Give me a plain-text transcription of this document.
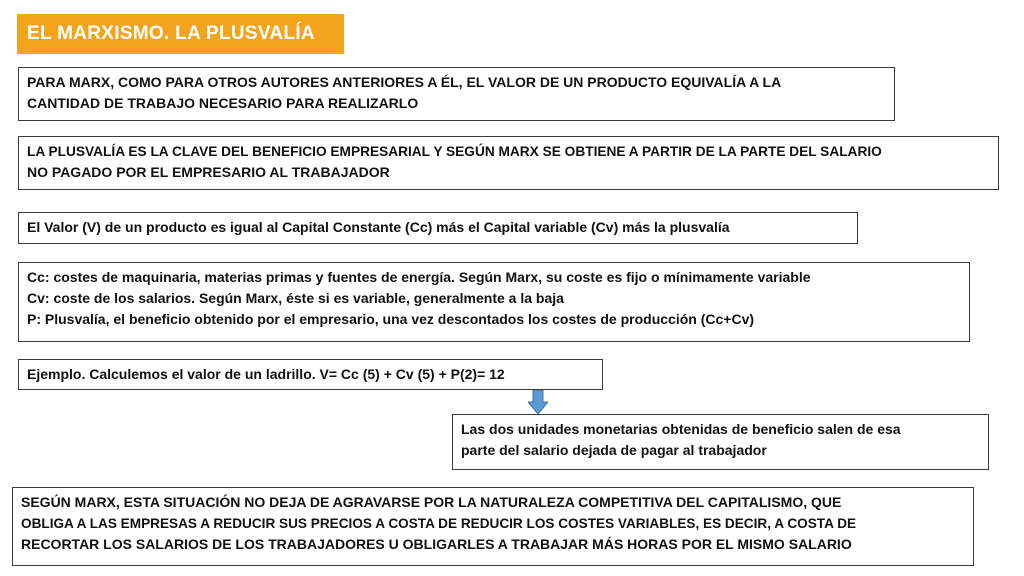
EL MARXISMO. LA PLUSVALÍA
PARA MARX, COMO PARA OTROS AUTORES ANTERIORES A ÉL, EL VALOR DE UN PRODUCTO EQUIVALÍA A LA
CANTIDAD DE TRABAJO NECESARIO PARA REALIZARLO
LA PLUSVALÍA ES LA CLAVE DEL BENEFICIO EMPRESARIAL Y SEGÚN MARX SE OBTIENE A PARTIR DE LA PARTE DEL SALARIO
NO PAGADO POR EL EMPRESARIO AL TRABAJADOR
El Valor (V) de un producto es igual al Capital Constante (Cc) más el Capital variable (Cv) más la plusvalía
Cc: costes de maquinaria, materias primas y fuentes de energía. Según Marx, su coste es fijo o mínimamente variable
Cv: coste de los salarios. Según Marx, éste si es variable, generalmente a la baja
P: Plusvalía, el beneficio obtenido por el empresario, una vez descontados los costes de producción (Cc+Cv)
Ejemplo. Calculemos el valor de un ladrillo. V= Cc (5) + Cv (5) + P(2)= 12
Las dos unidades monetarias obtenidas de beneficio salen de esa
parte del salario dejada de pagar al trabajador
SEGÚN MARX, ESTA SITUACIÓN NO DEJA DE AGRAVARSE POR LA NATURALEZA COMPETITIVA DEL CAPITALISMO, QUE
OBLIGA A LAS EMPRESAS A REDUCIR SUS PRECIOS A COSTA DE REDUCIR LOS COSTES VARIABLES, ES DECIR, A COSTA DE
RECORTAR LOS SALARIOS DE LOS TRABAJADORES U OBLIGARLES A TRABAJAR MÁS HORAS POR EL MISMO SALARIO
